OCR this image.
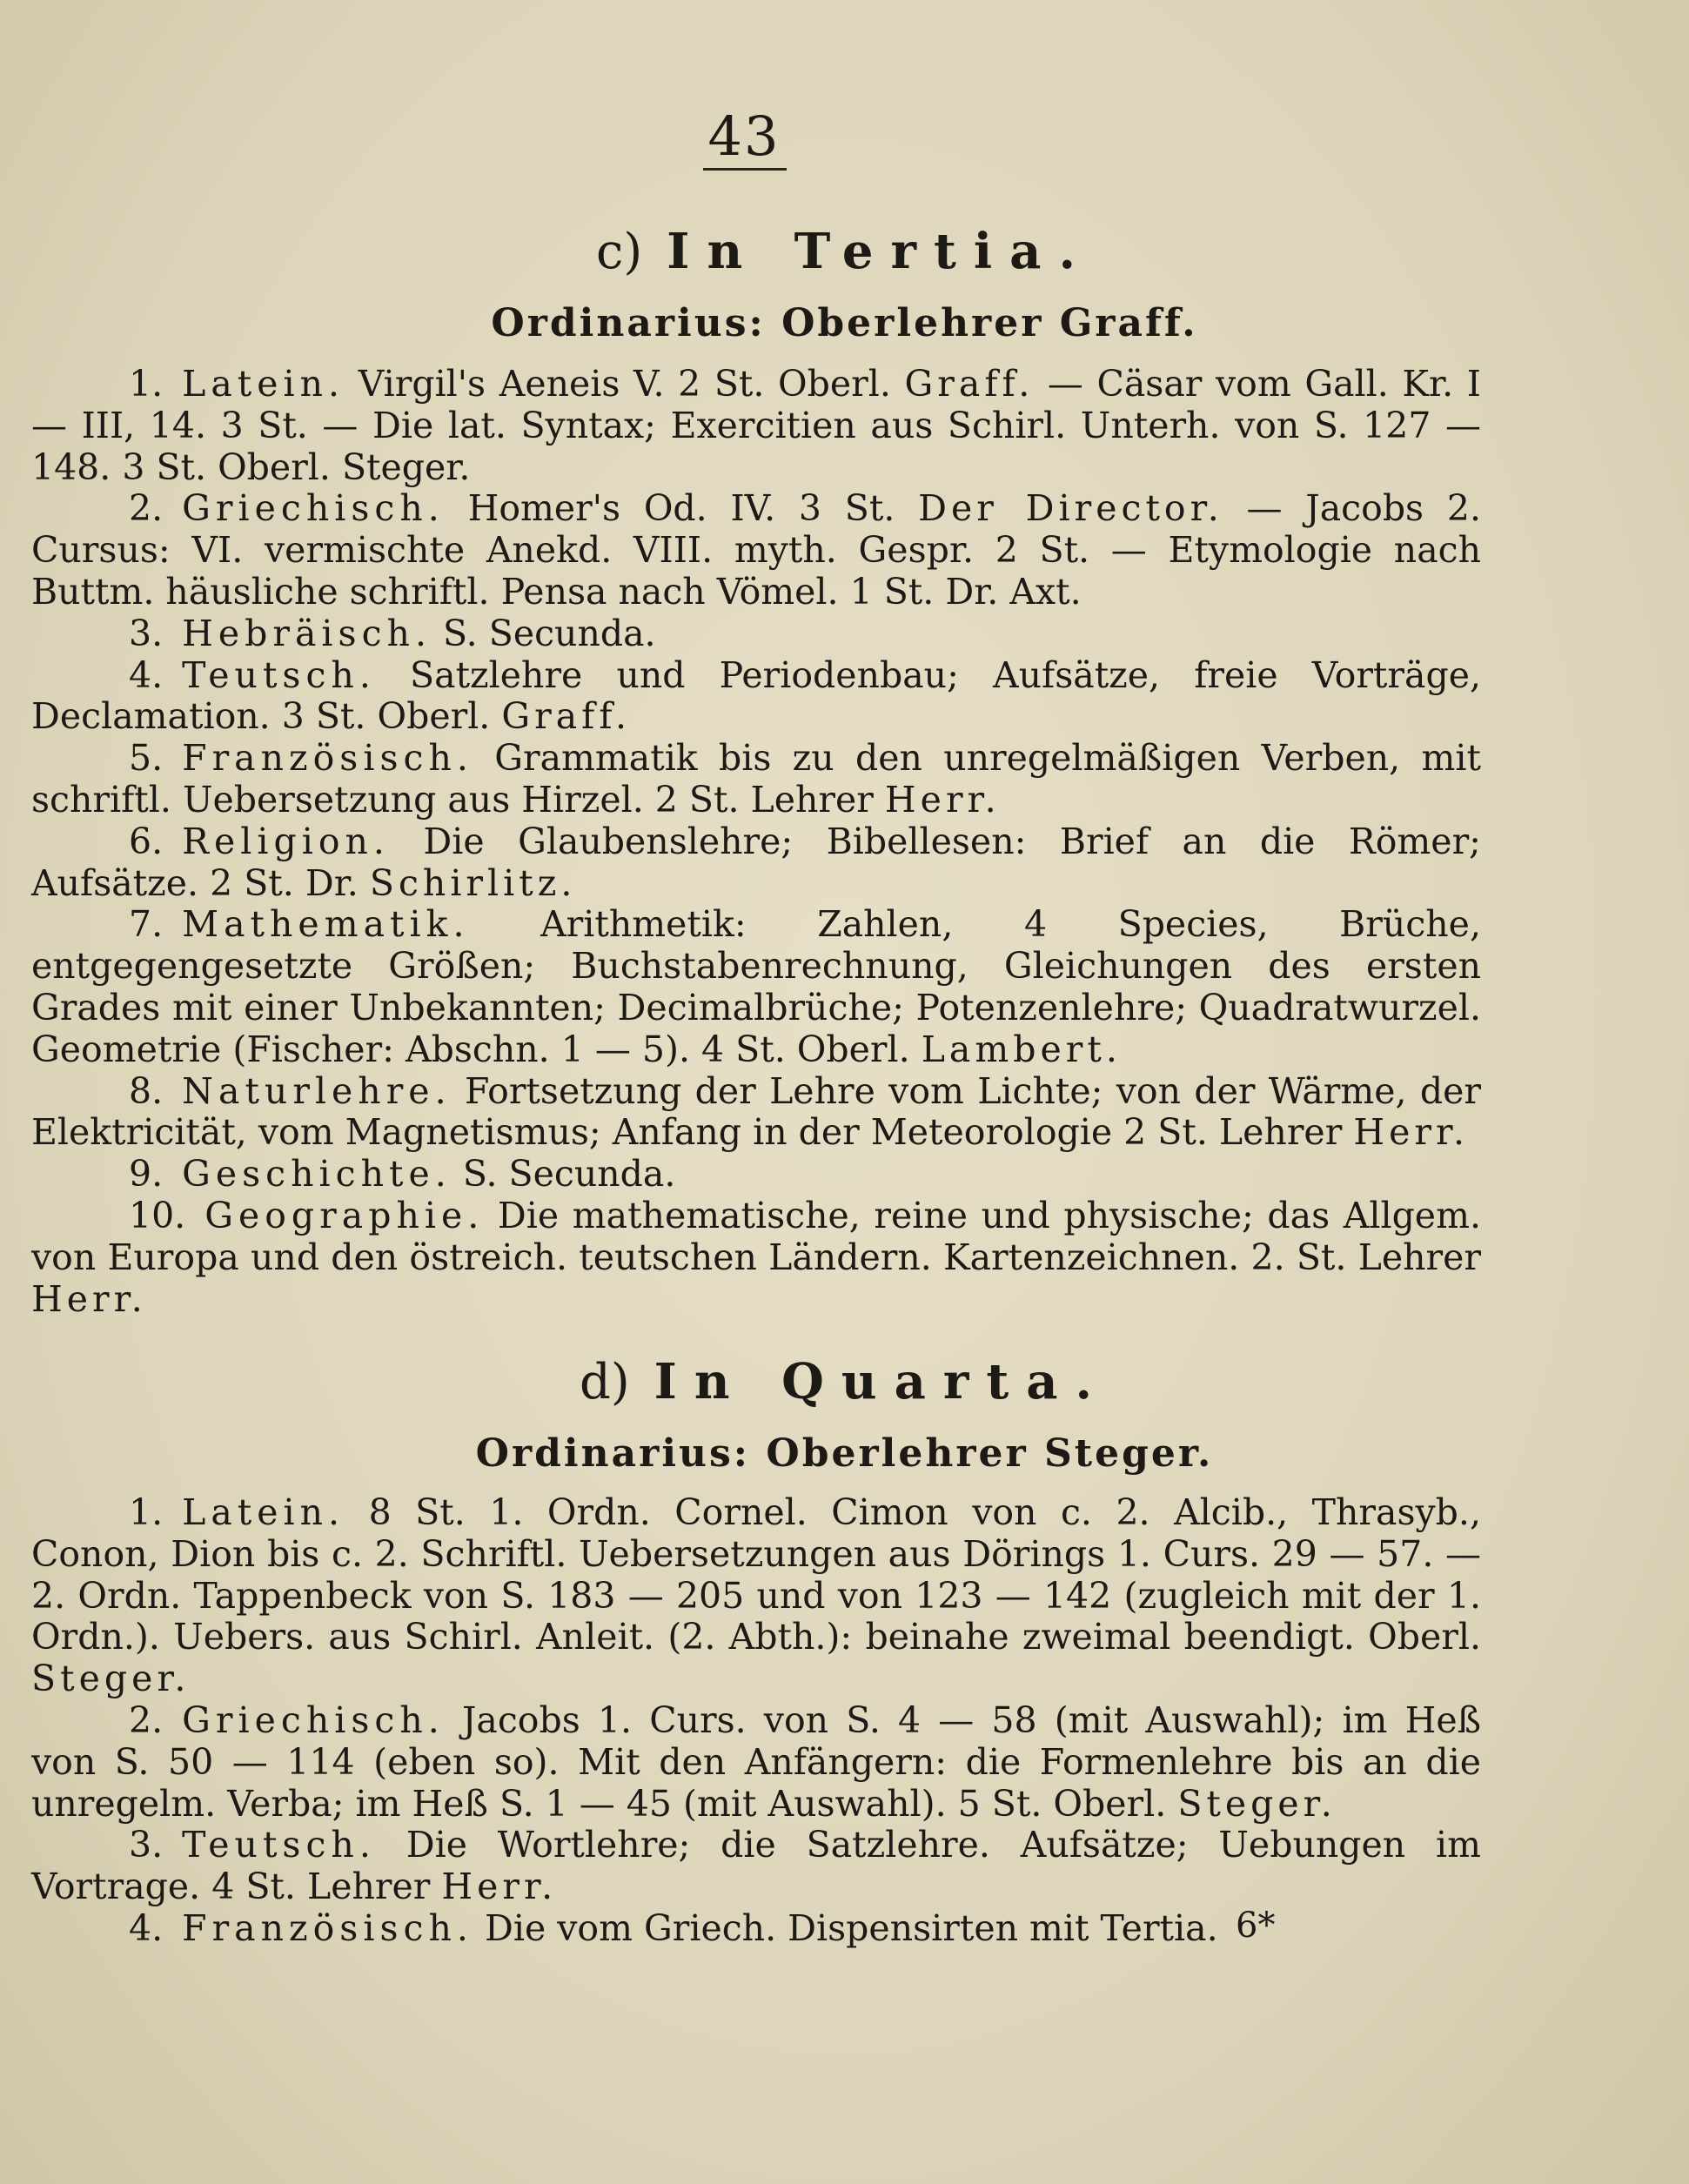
43
c) In Tertia.
Ordinarius: Oberlehrer Graff.

1. Latein. Virgil's Aeneis V. 2 St. Oberl. Graff. — Cäsar vom Gall. Kr. I — III, 14. 3 St. — Die lat. Syntax; Exercitien aus Schirl. Unterh. von S. 127 — 148. 3 St. Oberl. Steger.

2. Griechisch. Homer's Od. IV. 3 St. Der Director. — Jacobs 2. Cursus: VI. vermischte Anekd. VIII. myth. Gespr. 2 St. — Etymologie nach Buttm. häusliche schriftl. Pensa nach Vömel. 1 St. Dr. Axt.

3. Hebräisch. S. Secunda.

4. Teutsch. Satzlehre und Periodenbau; Aufsätze, freie Vorträge, Declamation. 3 St. Oberl. Graff.

5. Französisch. Grammatik bis zu den unregelmäßigen Verben, mit schriftl. Uebersetzung aus Hirzel. 2 St. Lehrer Herr.

6. Religion. Die Glaubenslehre; Bibellesen: Brief an die Römer; Aufsätze. 2 St. Dr. Schirlitz.

7. Mathematik. Arithmetik: Zahlen, 4 Species, Brüche, entgegengesetzte Größen; Buchstabenrechnung, Gleichungen des ersten Grades mit einer Unbekannten; Decimalbrüche; Potenzenlehre; Quadratwurzel. Geometrie (Fischer: Abschn. 1 — 5). 4 St. Oberl. Lambert.

8. Naturlehre. Fortsetzung der Lehre vom Lichte; von der Wärme, der Elektricität, vom Magnetismus; Anfang in der Meteorologie 2 St. Lehrer Herr.

9. Geschichte. S. Secunda.

10. Geographie. Die mathematische, reine und physische; das Allgem. von Europa und den östreich. teutschen Ländern. Kartenzeichnen. 2. St. Lehrer Herr.

d) In Quarta.
Ordinarius: Oberlehrer Steger.

1. Latein. 8 St. 1. Ordn. Cornel. Cimon von c. 2. Alcib., Thrasyb., Conon, Dion bis c. 2. Schriftl. Uebersetzungen aus Dörings 1. Curs. 29 — 57. — 2. Ordn. Tappenbeck von S. 183 — 205 und von 123 — 142 (zugleich mit der 1. Ordn.). Uebers. aus Schirl. Anleit. (2. Abth.): beinahe zweimal beendigt. Oberl. Steger.

2. Griechisch. Jacobs 1. Curs. von S. 4 — 58 (mit Auswahl); im Heß von S. 50 — 114 (eben so). Mit den Anfängern: die Formenlehre bis an die unregelm. Verba; im Heß S. 1 — 45 (mit Auswahl). 5 St. Oberl. Steger.

3. Teutsch. Die Wortlehre; die Satzlehre. Aufsätze; Uebungen im Vortrage. 4 St. Lehrer Herr.

4. Französisch. Die vom Griech. Dispensirten mit Tertia. 6*
